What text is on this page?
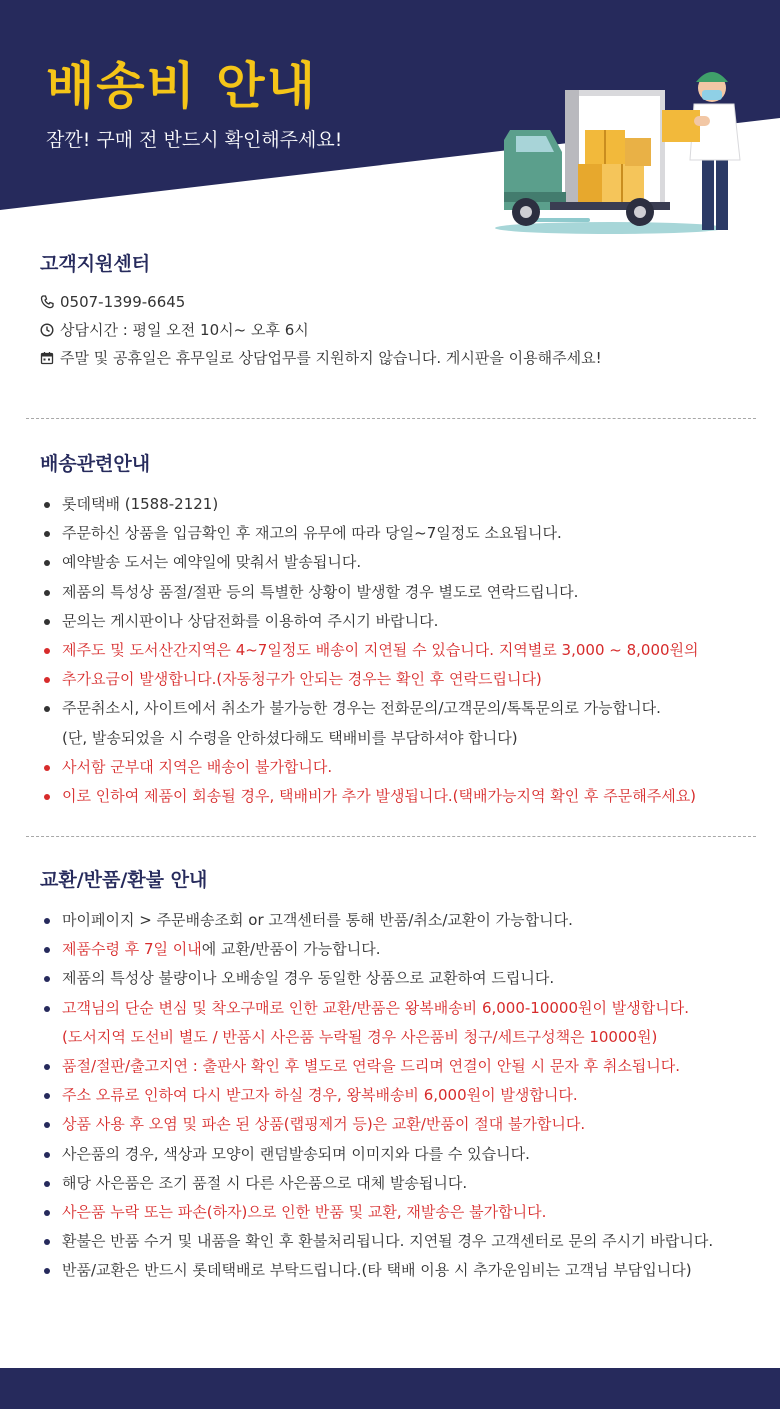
배송비 안내

잠깐! 구매 전 반드시 확인해주세요!

고객지원센터
0507-1399-6645
상담시간 : 평일 오전 10시~ 오후 6시
주말 및 공휴일은 휴무일로 상담업무를 지원하지 않습니다. 게시판을 이용해주세요!
배송관련안내
롯데택배 (1588-2121)
주문하신 상품을 입금확인 후 재고의 유무에 따라 당일~7일정도 소요됩니다.
예약발송 도서는 예약일에 맞춰서 발송됩니다.
제품의 특성상 품절/절판 등의 특별한 상황이 발생할 경우 별도로 연락드립니다.
문의는 게시판이나 상담전화를 이용하여 주시기 바랍니다.
제주도 및 도서산간지역은 4~7일정도 배송이 지연될 수 있습니다. 지역별로 3,000 ~ 8,000원의
추가요금이 발생합니다.(자동청구가 안되는 경우는 확인 후 연락드립니다)
주문취소시, 사이트에서 취소가 불가능한 경우는 전화문의/고객문의/톡톡문의로 가능합니다.
(단, 발송되었을 시 수령을 안하셨다해도 택배비를 부담하셔야 합니다)
사서함 군부대 지역은 배송이 불가합니다.
이로 인하여 제품이 회송될 경우, 택배비가 추가 발생됩니다.(택배가능지역 확인 후 주문해주세요)
교환/반품/환불 안내
마이페이지 > 주문배송조회 or 고객센터를 통해 반품/취소/교환이 가능합니다.
제품수령 후 7일 이내에 교환/반품이 가능합니다.
제품의 특성상 불량이나 오배송일 경우 동일한 상품으로 교환하여 드립니다.
고객님의 단순 변심 및 착오구매로 인한 교환/반품은 왕복배송비 6,000-10000원이 발생합니다.
(도서지역 도선비 별도 / 반품시 사은품 누락될 경우 사은품비 청구/세트구성책은 10000원)
품절/절판/출고지연 : 출판사 확인 후 별도로 연락을 드리며 연결이 안될 시 문자 후 취소됩니다.
주소 오류로 인하여 다시 받고자 하실 경우, 왕복배송비 6,000원이 발생합니다.
상품 사용 후 오염 및 파손 된 상품(랩핑제거 등)은 교환/반품이 절대 불가합니다.
사은품의 경우, 색상과 모양이 랜덤발송되며 이미지와 다를 수 있습니다.
해당 사은품은 조기 품절 시 다른 사은품으로 대체 발송됩니다.
사은품 누락 또는 파손(하자)으로 인한 반품 및 교환, 재발송은 불가합니다.
환불은 반품 수거 및 내품을 확인 후 환불처리됩니다. 지연될 경우 고객센터로 문의 주시기 바랍니다.
반품/교환은 반드시 롯데택배로 부탁드립니다.(타 택배 이용 시 추가운임비는 고객님 부담입니다)
